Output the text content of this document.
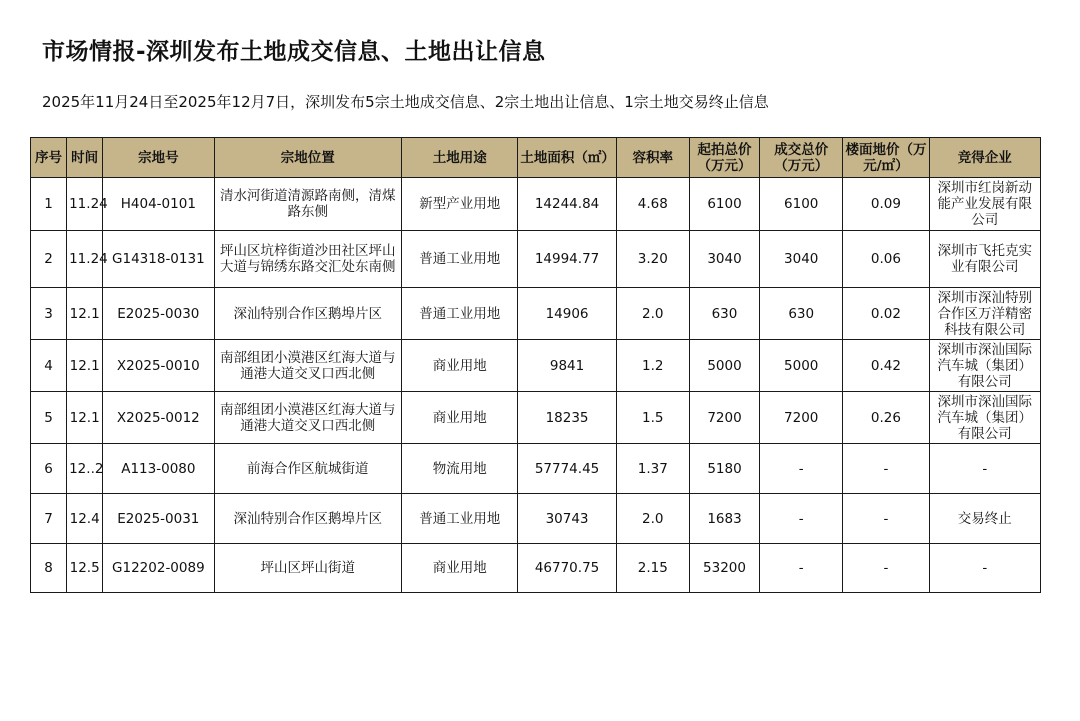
市场情报-深圳发布土地成交信息、土地出让信息
2025年11月24日至2025年12月7日，深圳发布5宗土地成交信息、2宗土地出让信息、1宗土地交易终止信息
序号	时间	宗地号	宗地位置	土地用途	土地面积（㎡）	容积率	起拍总价（万元）	成交总价（万元）	楼面地价（万元/㎡）	竞得企业
1	11.24	H404-0101	清水河街道清源路南侧，清煤路东侧	新型产业用地	14244.84	4.68	6100	6100	0.09	深圳市红岗新动能产业发展有限公司
2	11.24	G14318-0131	坪山区坑梓街道沙田社区坪山 大道与锦绣东路交汇处东南侧	普通工业用地	14994.77	3.20	3040	3040	0.06	深圳市飞托克实业有限公司
3	12.1	E2025-0030	深汕特别合作区鹅埠片区	普通工业用地	14906	2.0	630	630	0.02	深圳市深汕特别合作区万洋精密科技有限公司
4	12.1	X2025-0010	南部组团小漠港区红海大道与通港大道交叉口西北侧	商业用地	9841	1.2	5000	5000	0.42	深圳市深汕国际汽车城（集团）有限公司
5	12.1	X2025-0012	南部组团小漠港区红海大道与通港大道交叉口西北侧	商业用地	18235	1.5	7200	7200	0.26	深圳市深汕国际汽车城（集团）有限公司
6	12..2	A113-0080	前海合作区航城街道	物流用地	57774.45	1.37	5180	-	-	-
7	12.4	E2025-0031	深汕特别合作区鹅埠片区	普通工业用地	30743	2.0	1683	-	-	交易终止
8	12.5	G12202-0089	坪山区坪山街道	商业用地	46770.75	2.15	53200	-	-	-
